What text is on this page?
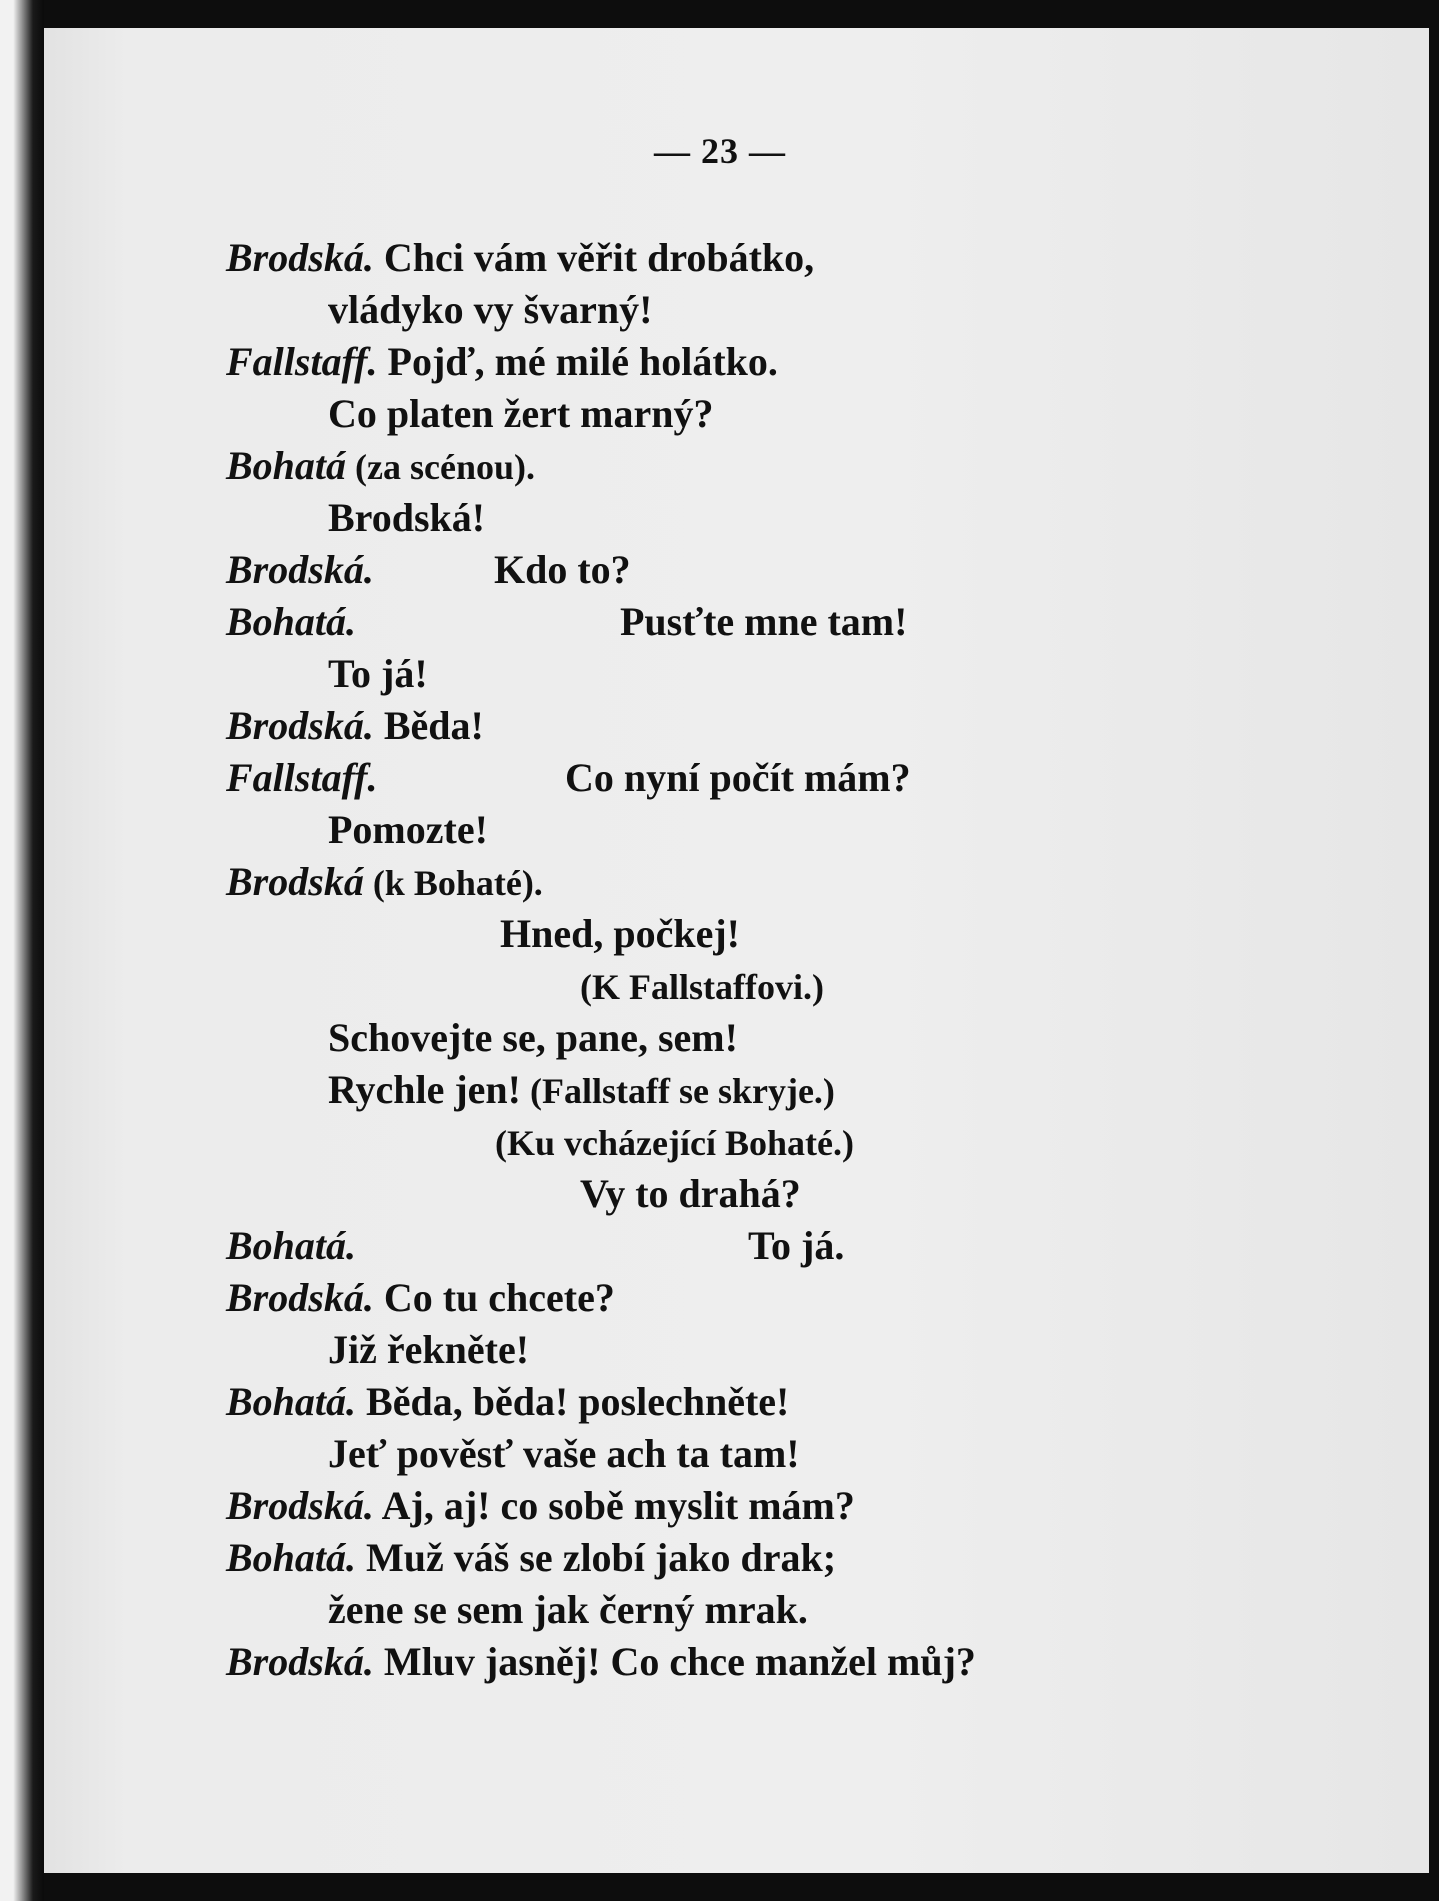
— 23 —
Brodská. Chci vám věřit drobátko,
vládyko vy švarný!
Fallstaff. Pojď, mé milé holátko.
Co platen žert marný?
Bohatá (za scénou).
Brodská!
Brodská.	Kdo to?
Bohatá.	Pusťte mne tam!
To já!
Brodská. Běda!
Fallstaff.	Co nyní počít mám?
Pomozte!
Brodská (k Bohaté).
Hned, počkej!
(K Fallstaffovi.)
Schovejte se, pane, sem!
Rychle jen! (Fallstaff se skryje.)
(Ku vcházející Bohaté.)
Vy to drahá?
Bohatá.	To já.
Brodská. Co tu chcete?
Již řekněte!
Bohatá. Běda, běda! poslechněte!
Jeť pověsť vaše ach ta tam!
Brodská. Aj, aj! co sobě myslit mám?
Bohatá. Muž váš se zlobí jako drak;
žene se sem jak černý mrak.
Brodská. Mluv jasněj! Co chce manžel můj?
